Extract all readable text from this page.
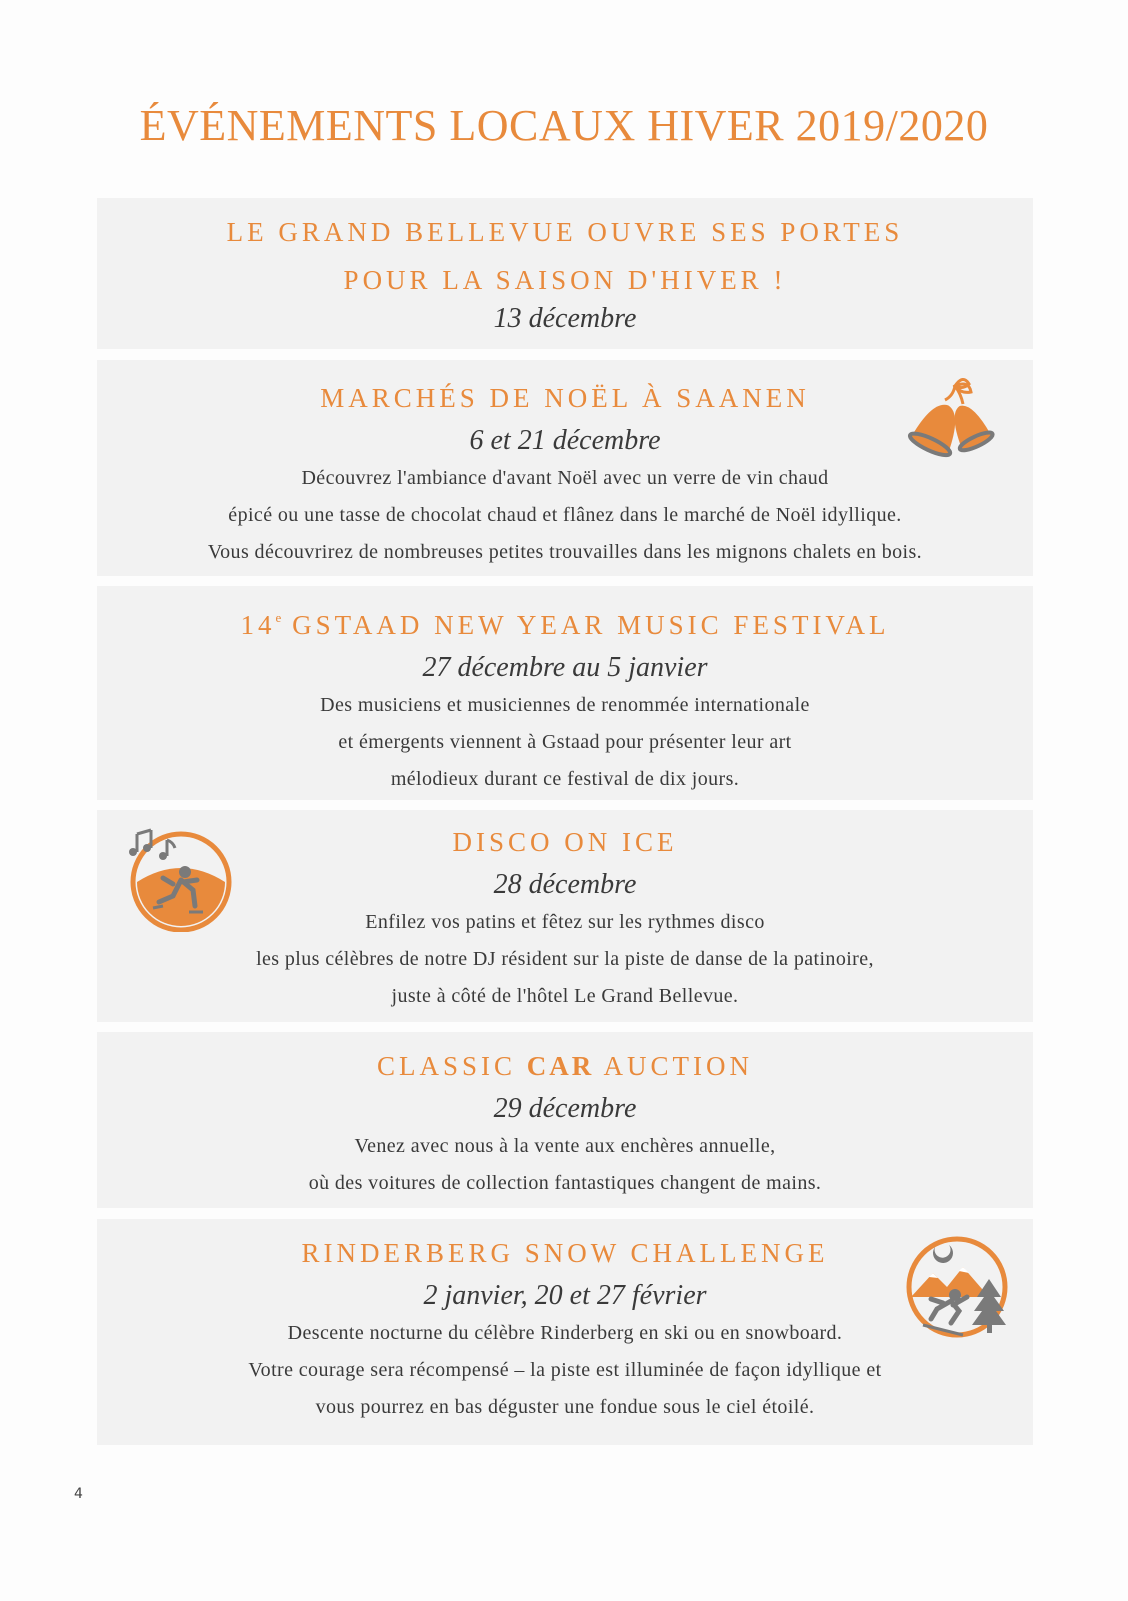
ÉVÉNEMENTS LOCAUX HIVER 2019/2020
LE GRAND BELLEVUE OUVRE SES PORTES
POUR LA SAISON D'HIVER !
13 décembre
MARCHÉS DE NOËL À SAANEN
6 et 21 décembre
Découvrez l'ambiance d'avant Noël avec un verre de vin chaud
épicé ou une tasse de chocolat chaud et flânez dans le marché de Noël idyllique.
Vous découvrirez de nombreuses petites trouvailles dans les mignons chalets en bois.
14e GSTAAD NEW YEAR MUSIC FESTIVAL
27 décembre au 5 janvier
Des musiciens et musiciennes de renommée internationale
et émergents viennent à Gstaad pour présenter leur art
mélodieux durant ce festival de dix jours.
DISCO ON ICE
28 décembre
Enfilez vos patins et fêtez sur les rythmes disco
les plus célèbres de notre DJ résident sur la piste de danse de la patinoire,
juste à côté de l'hôtel Le Grand Bellevue.
CLASSIC CAR AUCTION
29 décembre
Venez avec nous à la vente aux enchères annuelle,
où des voitures de collection fantastiques changent de mains.
RINDERBERG SNOW CHALLENGE
2 janvier, 20 et 27 février
Descente nocturne du célèbre Rinderberg en ski ou en snowboard.
Votre courage sera récompensé – la piste est illuminée de façon idyllique et
vous pourrez en bas déguster une fondue sous le ciel étoilé.
4
